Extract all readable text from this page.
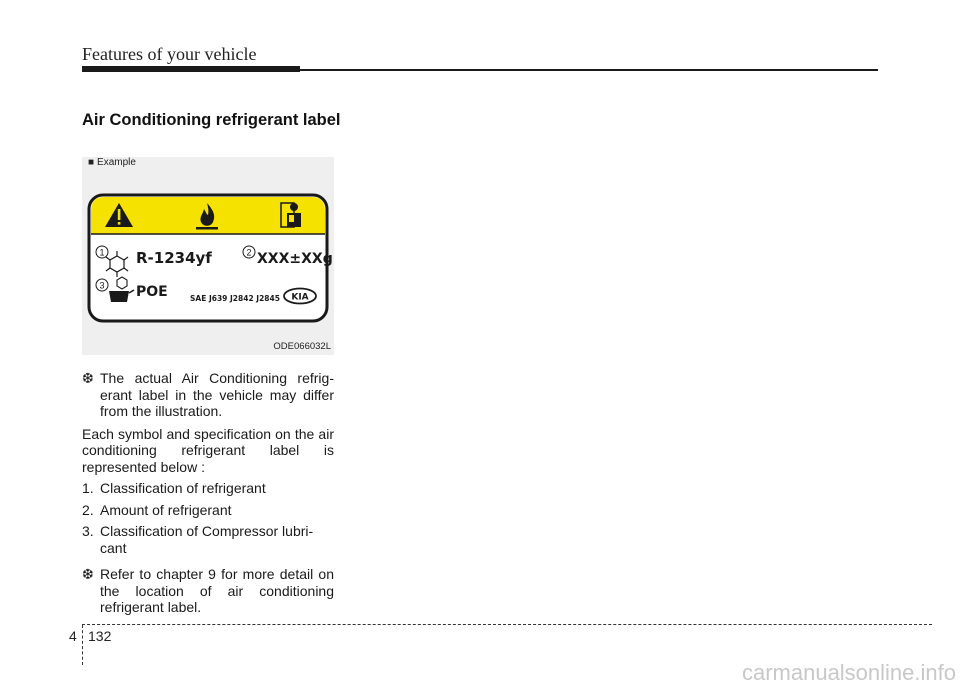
Features of your vehicle
Air Conditioning refrigerant label
1 R-1234yf	2 XXX±XXg
3 POE	SAE J639 J2842 J2845 KIA
■ Example
ODE066032L

❆ The actual Air Conditioning refrig-erant label in the vehicle may differ from the illustration.

Each symbol and specification on the air conditioning refrigerant label is represented below :

1. Classification of refrigerant

2. Amount of refrigerant

3. Classification of Compressor lubri-cant

❆ Refer to chapter 9 for more detail on the location of air conditioning refrigerant label.

4 132
carmanualsonline.info
